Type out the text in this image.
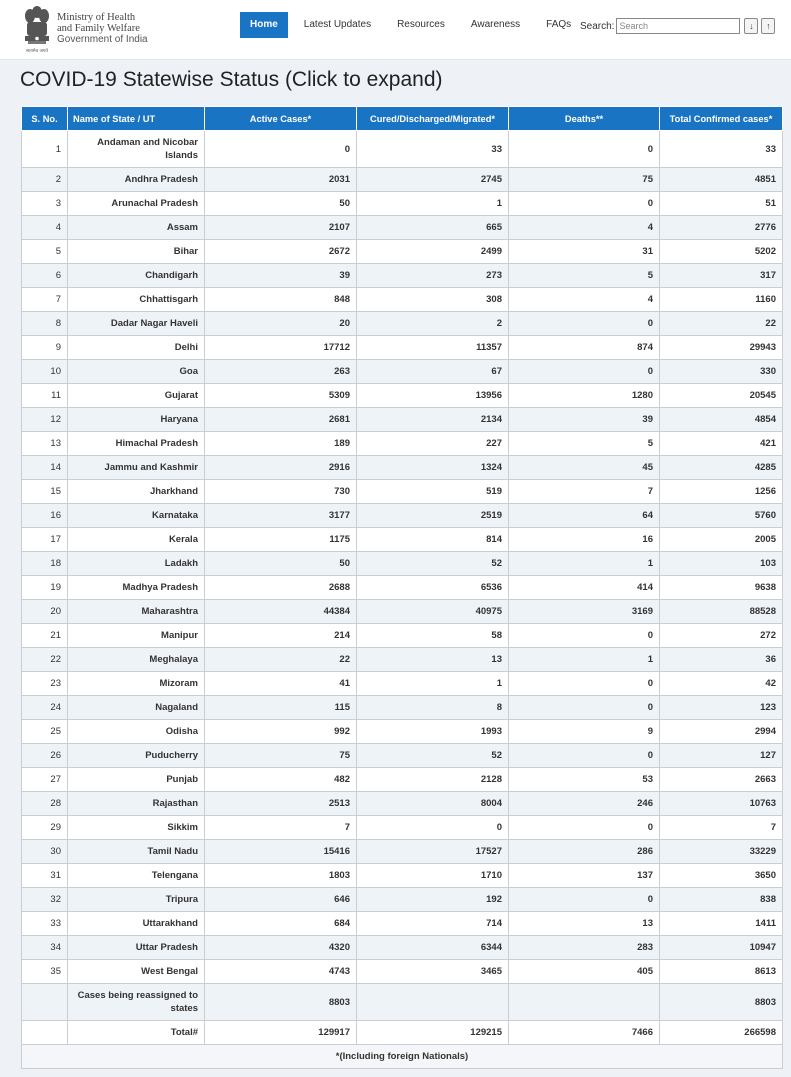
सत्यमेव जयते
Ministry of Health
and Family Welfare
Government of India
Home	Latest Updates	Resources	Awareness	FAQs Search:
Search	↓ ↑
COVID-19 Statewise Status (Click to expand)
S. No.	Name of State / UT	Active Cases*	Cured/Discharged/Migrated*	Deaths**	Total Confirmed cases*
1	Andaman and Nicobar Islands	0	33	0	33
2	Andhra Pradesh	2031	2745	75	4851
3	Arunachal Pradesh	50	1	0	51
4	Assam	2107	665	4	2776
5	Bihar	2672	2499	31	5202
6	Chandigarh	39	273	5	317
7	Chhattisgarh	848	308	4	1160
8	Dadar Nagar Haveli	20	2	0	22
9	Delhi	17712	11357	874	29943
10	Goa	263	67	0	330
11	Gujarat	5309	13956	1280	20545
12	Haryana	2681	2134	39	4854
13	Himachal Pradesh	189	227	5	421
14	Jammu and Kashmir	2916	1324	45	4285
15	Jharkhand	730	519	7	1256
16	Karnataka	3177	2519	64	5760
17	Kerala	1175	814	16	2005
18	Ladakh	50	52	1	103
19	Madhya Pradesh	2688	6536	414	9638
20	Maharashtra	44384	40975	3169	88528
21	Manipur	214	58	0	272
22	Meghalaya	22	13	1	36
23	Mizoram	41	1	0	42
24	Nagaland	115	8	0	123
25	Odisha	992	1993	9	2994
26	Puducherry	75	52	0	127
27	Punjab	482	2128	53	2663
28	Rajasthan	2513	8004	246	10763
29	Sikkim	7	0	0	7
30	Tamil Nadu	15416	17527	286	33229
31	Telengana	1803	1710	137	3650
32	Tripura	646	192	0	838
33	Uttarakhand	684	714	13	1411
34	Uttar Pradesh	4320	6344	283	10947
35	West Bengal	4743	3465	405	8613
	Cases being reassigned to states	8803			8803
	Total#	129917	129215	7466	266598
*(Including foreign Nationals)					
